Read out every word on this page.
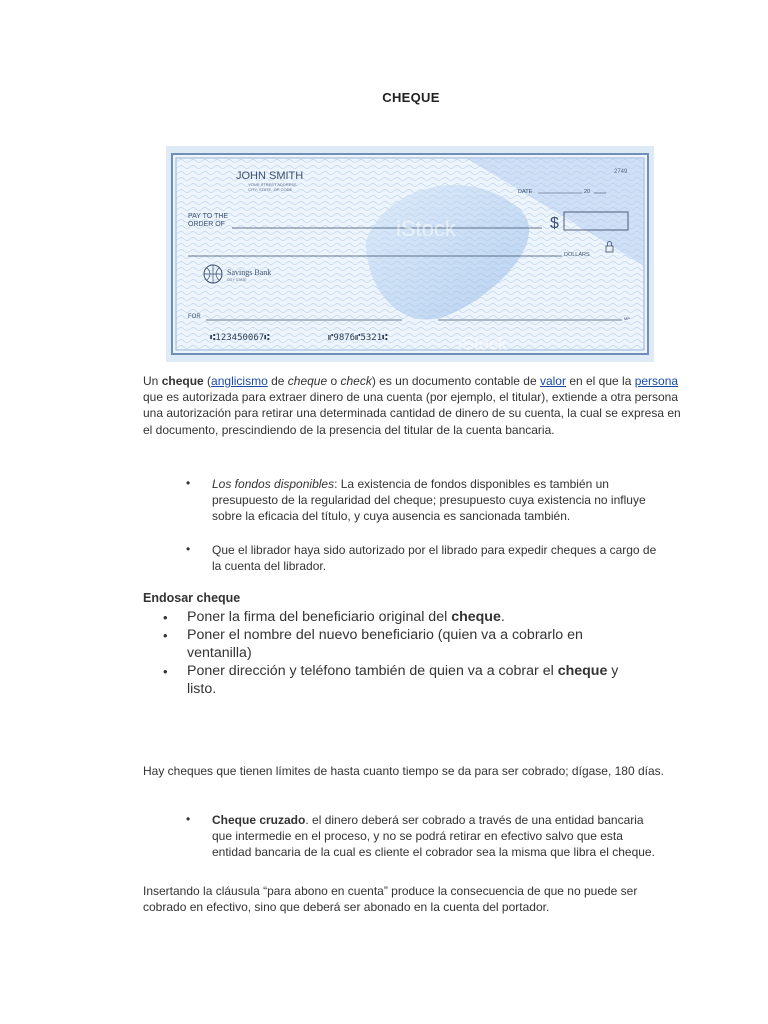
CHEQUE
JOHN SMITH
YOUR STREET ADDRESS
CITY, STATE, ZIP CODE
2749
DATE	20
PAY TO THE
ORDER OF	$
DOLLARS
Savings Bank
CITY STATE
FOR	MP
⑆123450067⑆	⑈9876⑈5321⑆
iStock
iStock
Un cheque (anglicismo de cheque o check) es un documento contable de valor en el que la persona que es autorizada para extraer dinero de una cuenta (por ejemplo, el titular), extiende a otra persona una autorización para retirar una determinada cantidad de dinero de su cuenta, la cual se expresa en el documento, prescindiendo de la presencia del titular de la cuenta bancaria.
•	Los fondos disponibles: La existencia de fondos disponibles es también un presupuesto de la regularidad del cheque; presupuesto cuya existencia no influye sobre la eficacia del título, y cuya ausencia es sancionada también.
•	Que el librador haya sido autorizado por el librado para expedir cheques a cargo de la cuenta del librador.
Endosar cheque
• Poner la firma del beneficiario original del cheque.
• Poner el nombre del nuevo beneficiario (quien va a cobrarlo en ventanilla)
• Poner dirección y teléfono también de quien va a cobrar el cheque y listo.
Hay cheques que tienen límites de hasta cuanto tiempo se da para ser cobrado; dígase, 180 días.
•	Cheque cruzado. el dinero deberá ser cobrado a través de una entidad bancaria que intermedie en el proceso, y no se podrá retirar en efectivo salvo que esta entidad bancaria de la cual es cliente el cobrador sea la misma que libra el cheque.
Insertando la cláusula “para abono en cuenta” produce la consecuencia de que no puede ser cobrado en efectivo, sino que deberá ser abonado en la cuenta del portador.
